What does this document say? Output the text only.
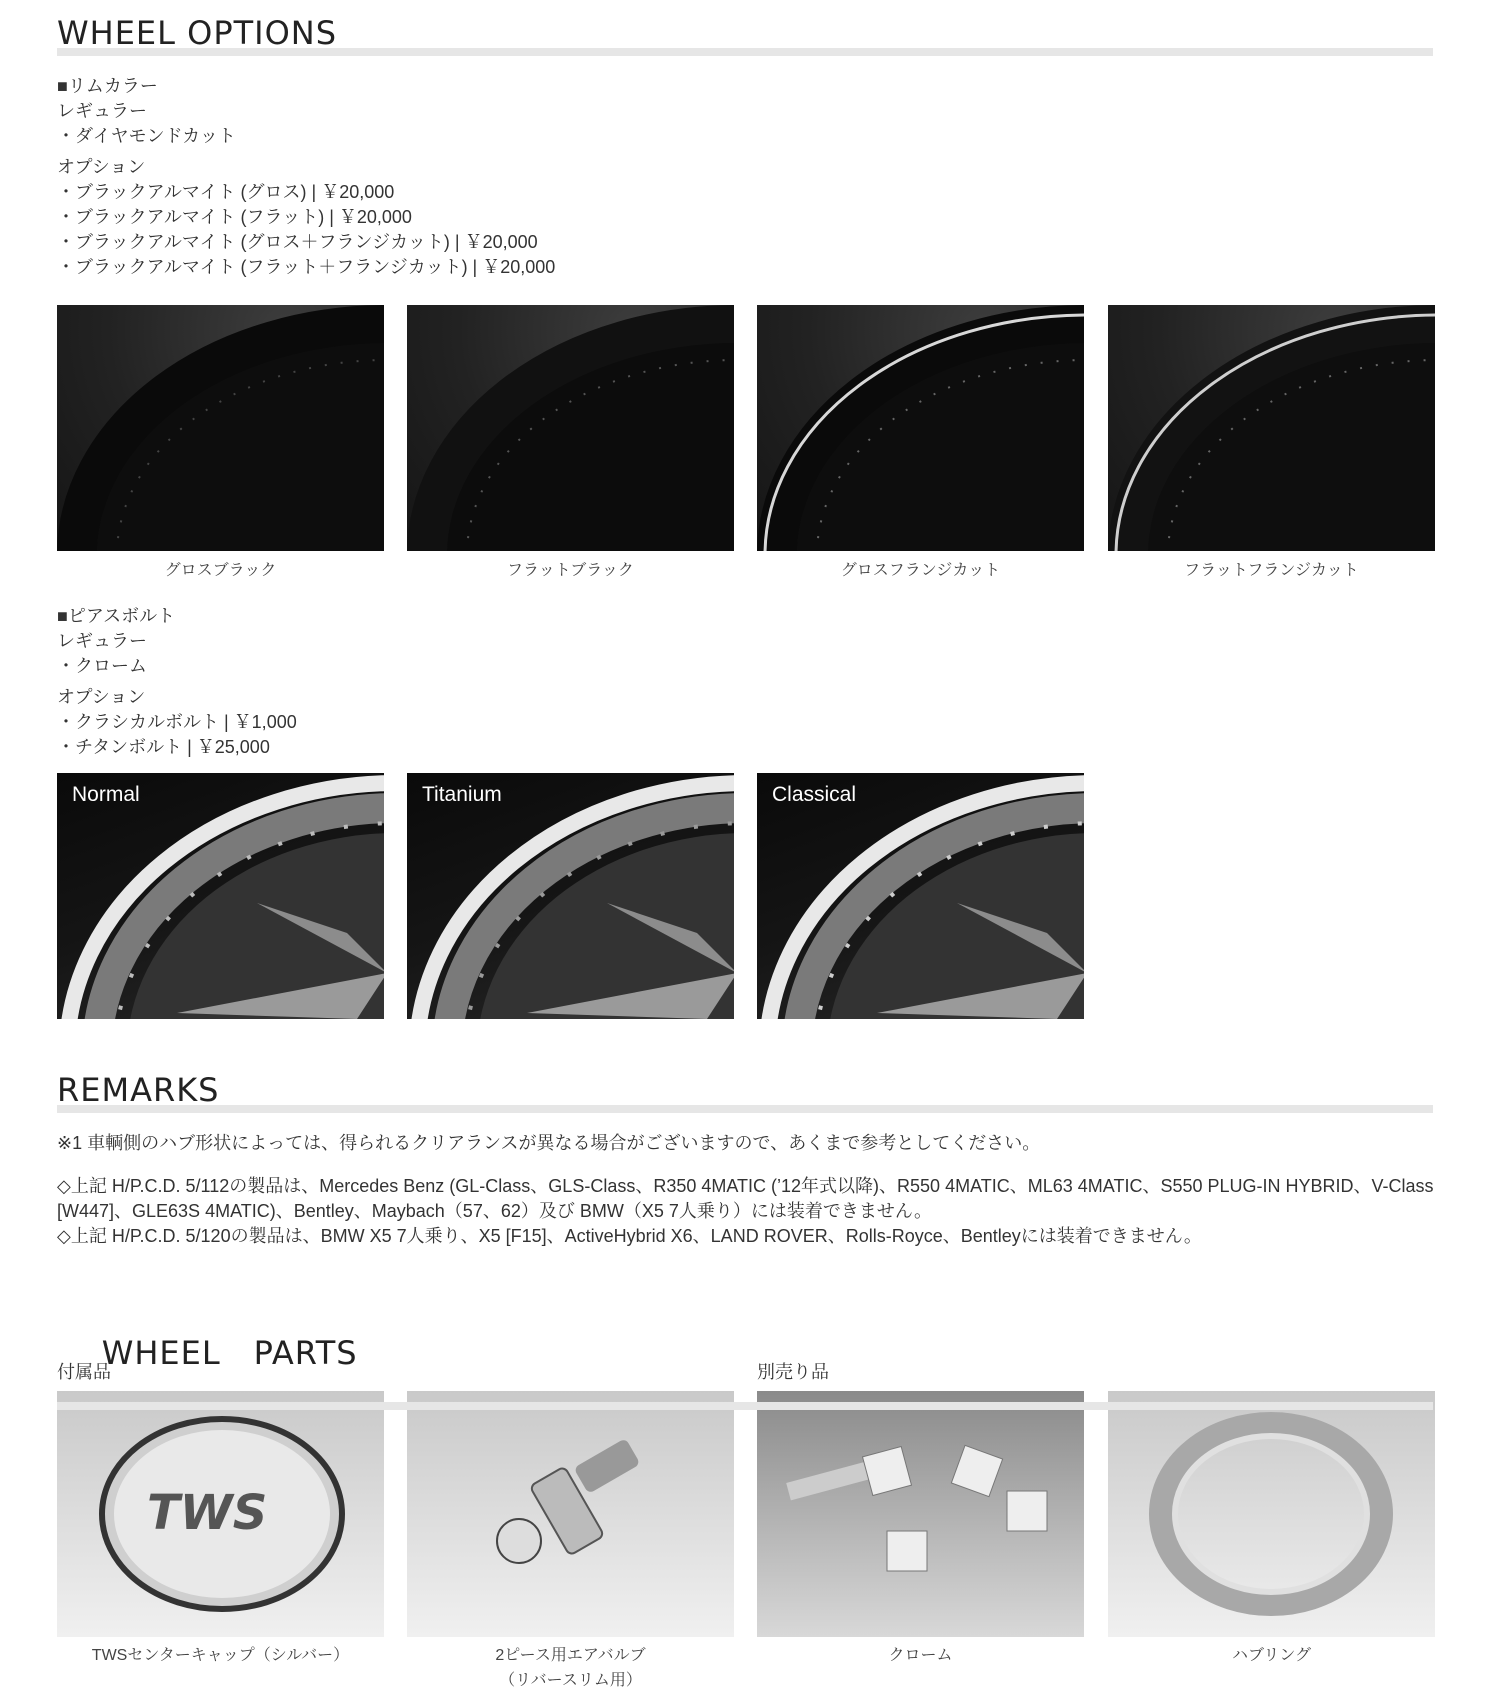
WHEEL OPTIONS
■リムカラー
レギュラー
・ダイヤモンドカット
オプション
・ブラックアルマイト (グロス) | ￥20,000
・ブラックアルマイト (フラット) | ￥20,000
・ブラックアルマイト (グロス＋フランジカット) | ￥20,000
・ブラックアルマイト (フラット＋フランジカット) | ￥20,000
グロスブラック	フラットブラック	グロスフランジカット	フラットフランジカット
■ピアスボルト
レギュラー
・クローム
オプション
・クラシカルボルト | ￥1,000
・チタンボルト | ￥25,000
Normal	Titanium	Classical
REMARKS
※1 車輌側のハブ形状によっては、得られるクリアランスが異なる場合がございますので、あくまで参考としてください。
◇上記 H/P.C.D. 5/112の製品は、Mercedes Benz (GL-Class、GLS-Class、R350 4MATIC (’12年式以降)、R550 4MATIC、ML63 4MATIC、S550 PLUG-IN HYBRID、V-Class [W447]、GLE63S 4MATIC)、Bentley、Maybach（57、62）及び BMW（X5 7人乗り）には装着できません。
◇上記 H/P.C.D. 5/120の製品は、BMW X5 7人乗り、X5 [F15]、ActiveHybrid X6、LAND ROVER、Rolls-Royce、Bentleyには装着できません。

WHEEL　PARTS

付属品	別売り品
TWS
TWSセンターキャップ（シルバー）	2ピース用エアバルブ
（リバースリム用）
クローム	ハブリング
